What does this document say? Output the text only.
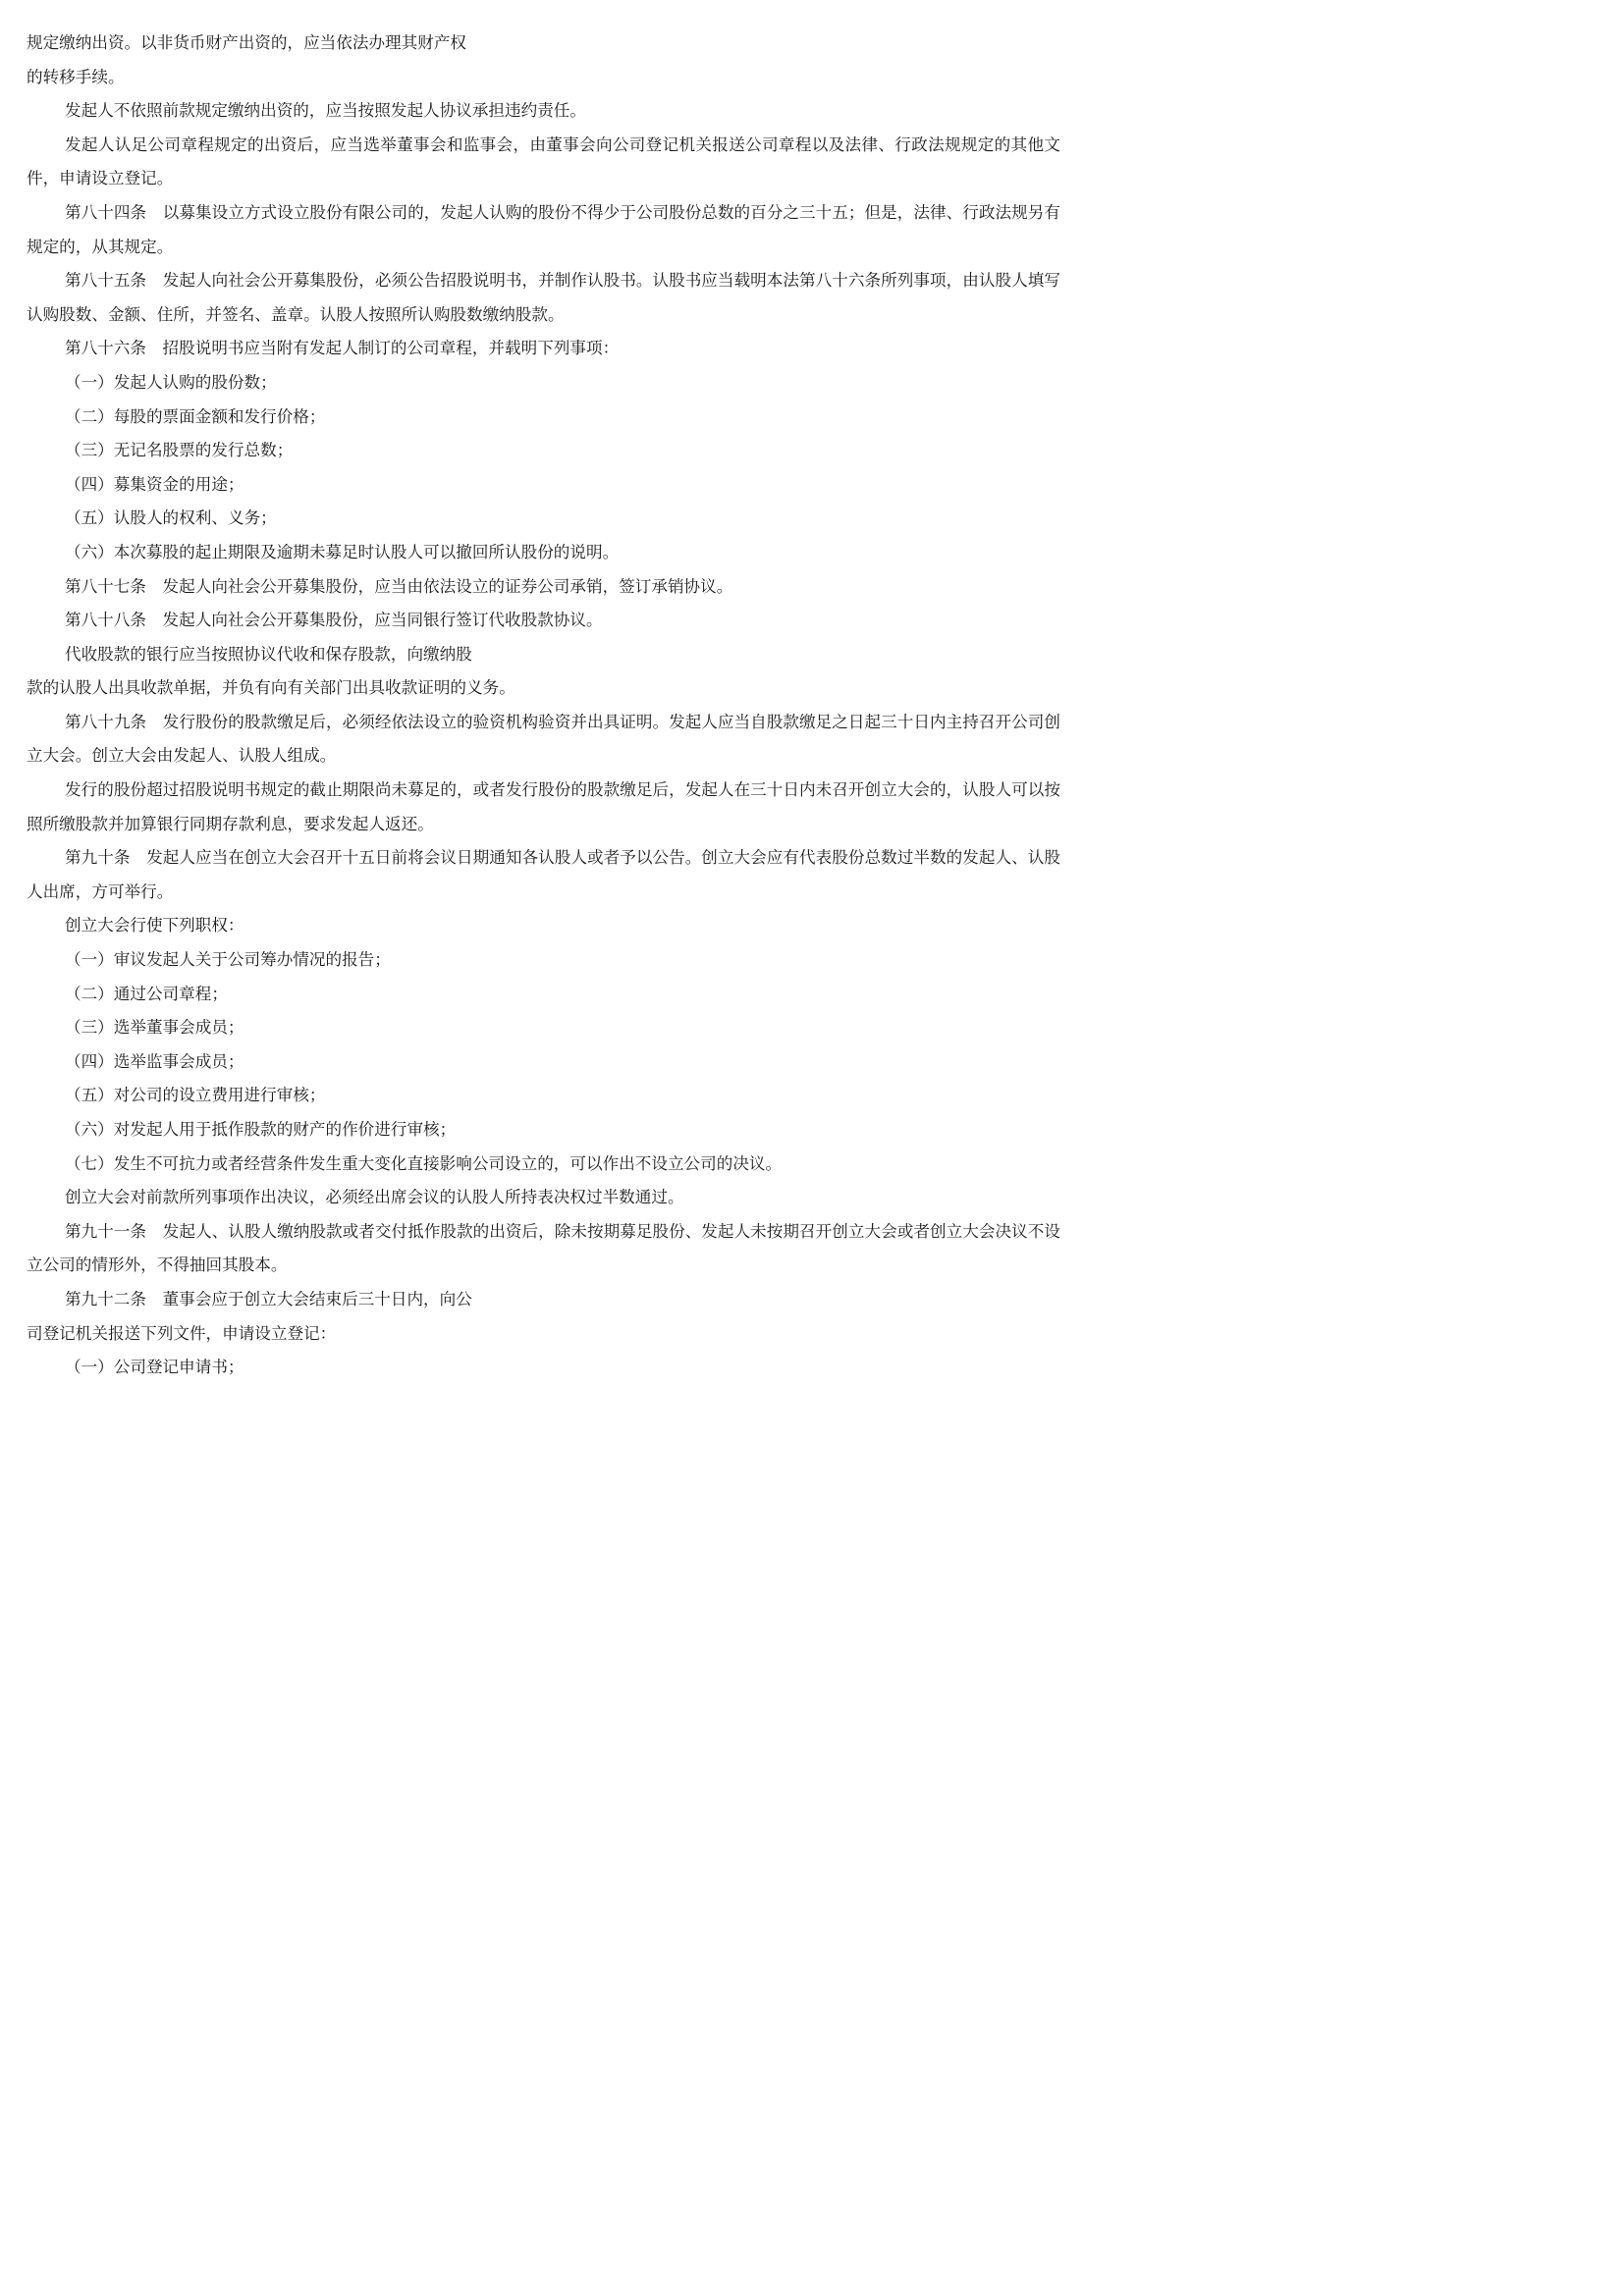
规定缴纳出资。以非货币财产出资的，应当依法办理其财产权
的转移手续。

发起人不依照前款规定缴纳出资的，应当按照发起人协议承担违约责任。

发起人认足公司章程规定的出资后，应当选举董事会和监事会，由董事会向公司登记机关报送公司章程以及法律、行政法规规定的其他文件，申请设立登记。

第八十四条　以募集设立方式设立股份有限公司的，发起人认购的股份不得少于公司股份总数的百分之三十五；但是，法律、行政法规另有规定的，从其规定。

第八十五条　发起人向社会公开募集股份，必须公告招股说明书，并制作认股书。认股书应当载明本法第八十六条所列事项，由认股人填写认购股数、金额、住所，并签名、盖章。认股人按照所认购股数缴纳股款。

第八十六条　招股说明书应当附有发起人制订的公司章程，并载明下列事项：

（一）发起人认购的股份数；

（二）每股的票面金额和发行价格；

（三）无记名股票的发行总数；

（四）募集资金的用途；

（五）认股人的权利、义务；

（六）本次募股的起止期限及逾期未募足时认股人可以撤回所认股份的说明。

第八十七条　发起人向社会公开募集股份，应当由依法设立的证券公司承销，签订承销协议。

第八十八条　发起人向社会公开募集股份，应当同银行签订代收股款协议。

代收股款的银行应当按照协议代收和保存股款，向缴纳股
款的认股人出具收款单据，并负有向有关部门出具收款证明的义务。

第八十九条　发行股份的股款缴足后，必须经依法设立的验资机构验资并出具证明。发起人应当自股款缴足之日起三十日内主持召开公司创立大会。创立大会由发起人、认股人组成。

发行的股份超过招股说明书规定的截止期限尚未募足的，或者发行股份的股款缴足后，发起人在三十日内未召开创立大会的，认股人可以按照所缴股款并加算银行同期存款利息，要求发起人返还。

第九十条　发起人应当在创立大会召开十五日前将会议日期通知各认股人或者予以公告。创立大会应有代表股份总数过半数的发起人、认股人出席，方可举行。

创立大会行使下列职权：

（一）审议发起人关于公司筹办情况的报告；

（二）通过公司章程；

（三）选举董事会成员；

（四）选举监事会成员；

（五）对公司的设立费用进行审核；

（六）对发起人用于抵作股款的财产的作价进行审核；

（七）发生不可抗力或者经营条件发生重大变化直接影响公司设立的，可以作出不设立公司的决议。

创立大会对前款所列事项作出决议，必须经出席会议的认股人所持表决权过半数通过。

第九十一条　发起人、认股人缴纳股款或者交付抵作股款的出资后，除未按期募足股份、发起人未按期召开创立大会或者创立大会决议不设立公司的情形外，不得抽回其股本。

第九十二条　董事会应于创立大会结束后三十日内，向公
司登记机关报送下列文件，申请设立登记：

（一）公司登记申请书；
